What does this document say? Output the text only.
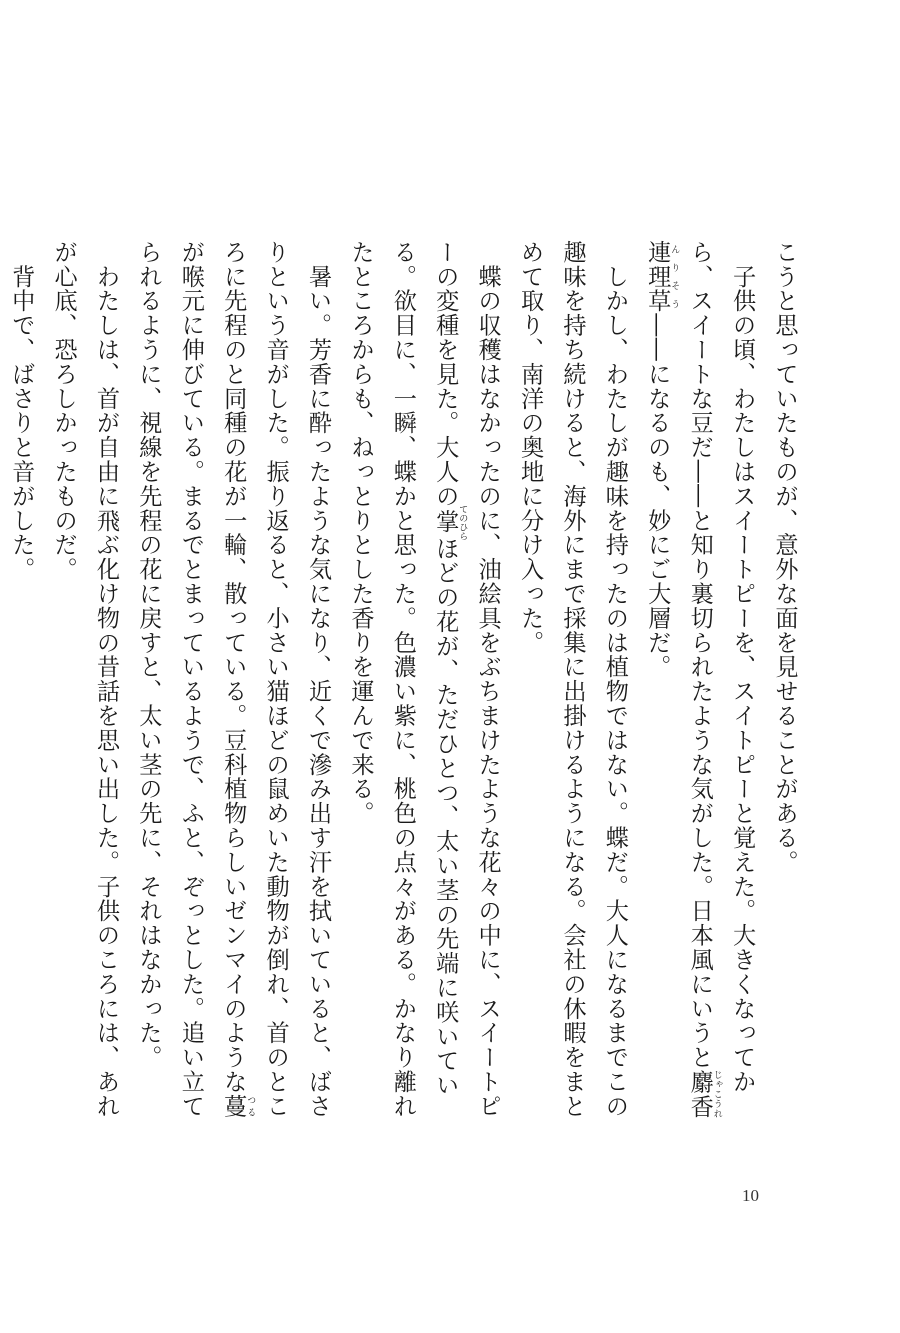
こうと思っていたものが、意外な面を見せることがある。

　子供の頃、わたしはスイートピーを、スイトピーと覚えた。大きくなってから、スイートな豆だ――と知り裏切られたような気がした。日本風にいうと麝香連理草じゃこうれんりそう――になるのも、妙にご大層だ。

　しかし、わたしが趣味を持ったのは植物ではない。蝶だ。大人になるまでこの趣味を持ち続けると、海外にまで採集に出掛けるようになる。会社の休暇をまとめて取り、南洋の奥地に分け入った。

　蝶の収穫はなかったのに、油絵具をぶちまけたような花々の中に、スイートピーの変種を見た。大人の掌てのひらほどの花が、ただひとつ、太い茎の先端に咲いている。欲目に、一瞬、蝶かと思った。色濃い紫に、桃色の点々がある。かなり離れたところからも、ねっとりとした香りを運んで来る。

　暑い。芳香に酔ったような気になり、近くで滲み出す汗を拭いていると、ばさりという音がした。振り返ると、小さい猫ほどの鼠めいた動物が倒れ、首のところに先程のと同種の花が一輪、散っている。豆科植物らしいゼンマイのような蔓つるが喉元に伸びている。まるでとまっているようで、ふと、ぞっとした。追い立てられるように、視線を先程の花に戻すと、太い茎の先に、それはなかった。

　わたしは、首が自由に飛ぶ化け物の昔話を思い出した。子供のころには、あれが心底、恐ろしかったものだ。

　背中で、ばさりと音がした。

10
